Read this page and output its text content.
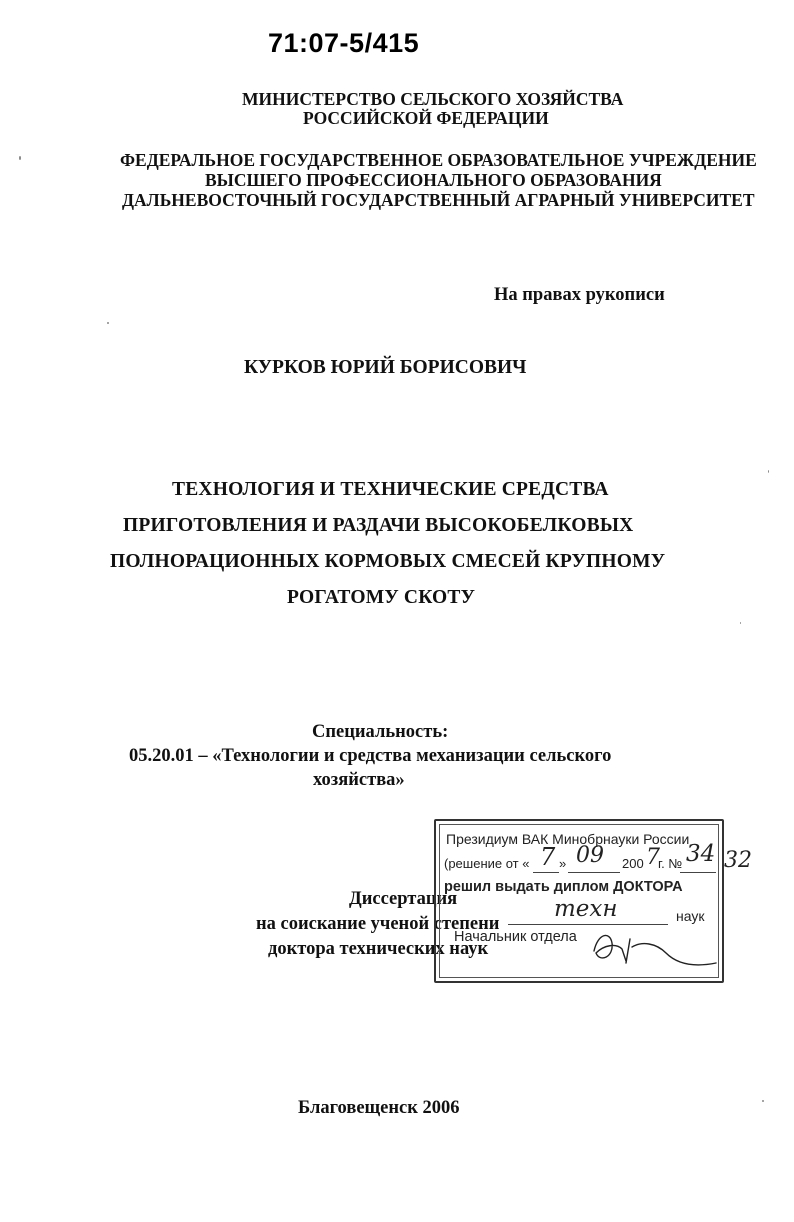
71:07-5/415
МИНИСТЕРСТВО СЕЛЬСКОГО ХОЗЯЙСТВА
РОССИЙСКОЙ ФЕДЕРАЦИИ
ФЕДЕРАЛЬНОЕ ГОСУДАРСТВЕННОЕ ОБРАЗОВАТЕЛЬНОЕ УЧРЕЖДЕНИЕ
ВЫСШЕГО ПРОФЕССИОНАЛЬНОГО ОБРАЗОВАНИЯ
ДАЛЬНЕВОСТОЧНЫЙ ГОСУДАРСТВЕННЫЙ АГРАРНЫЙ УНИВЕРСИТЕТ
На правах рукописи
КУРКОВ ЮРИЙ БОРИСОВИЧ
ТЕХНОЛОГИЯ И ТЕХНИЧЕСКИЕ СРЕДСТВА
ПРИГОТОВЛЕНИЯ И РАЗДАЧИ ВЫСОКОБЕЛКОВЫХ
ПОЛНОРАЦИОННЫХ КОРМОВЫХ СМЕСЕЙ КРУПНОМУ
РОГАТОМУ СКОТУ
Специальность:
05.20.01 – «Технологии и средства механизации сельского
хозяйства»
Диссертация
на соискание ученой степени
доктора технических наук
Президиум ВАК Минобрнауки России
(решение от « 7 » 09 200 7
г. № 34
решил выдать диплом ДОКТОРА
техн	наук
Начальник отдела
32
Благовещенск 2006
